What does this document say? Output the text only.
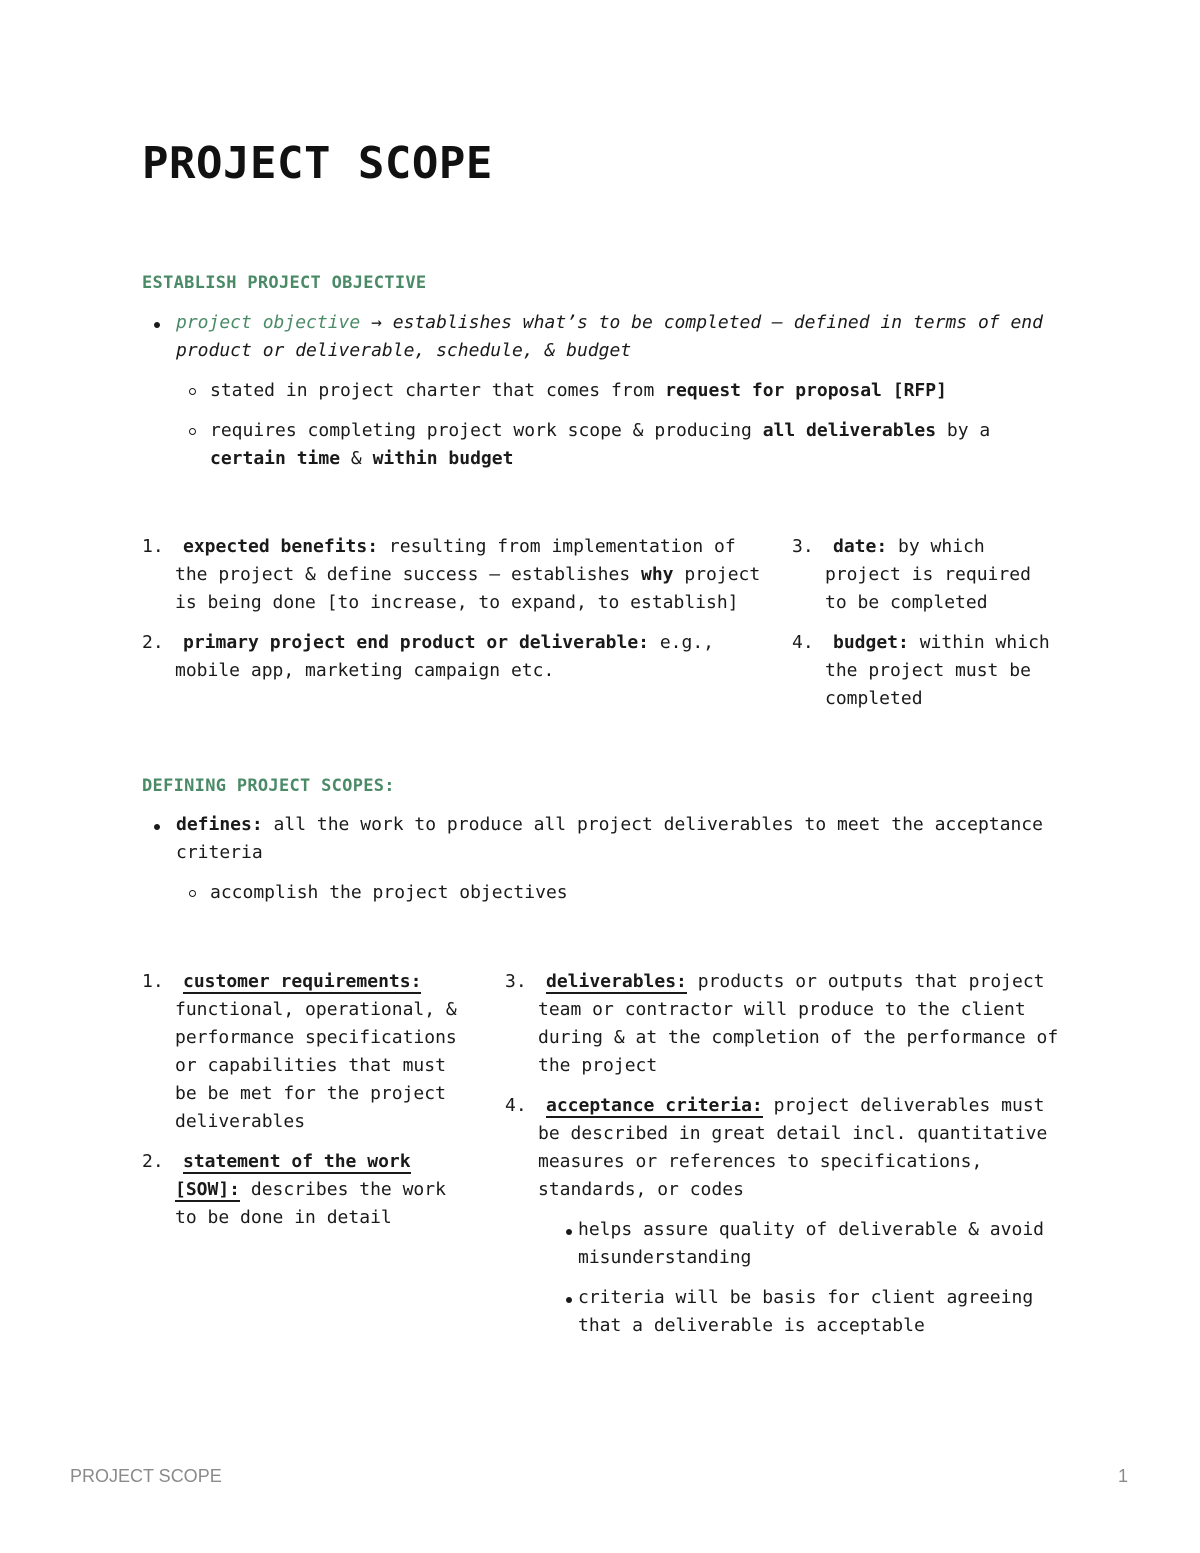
PROJECT SCOPE
ESTABLISH PROJECT OBJECTIVE
project objective → establishes what’s to be completed — defined in terms of end product or deliverable, schedule, & budget
stated in project charter that comes from request for proposal [RFP]
requires completing project work scope & producing all deliverables by a certain time & within budget
1.	expected benefits: resulting from implementation of the project & define success — establishes why project is being done [to increase, to expand, to establish]
2.	primary project end product or deliverable: e.g., mobile app, marketing campaign etc.
3.	date: by which project is required to be completed
4.	budget: within which the project must be completed
DEFINING PROJECT SCOPES:
defines: all the work to produce all project deliverables to meet the acceptance criteria
accomplish the project objectives
1.	customer requirements: functional, operational, & performance specifications or capabilities that must be be met for the project deliverables
2.	statement of the work [SOW]: describes the work to be done in detail
3.	deliverables: products or outputs that project team or contractor will produce to the client during & at the completion of the performance of the project
4.	acceptance criteria: project deliverables must be described in great detail incl. quantitative measures or references to specifications, standards, or codes
helps assure quality of deliverable & avoid misunderstanding
criteria will be basis for client agreeing that a deliverable is acceptable
PROJECT SCOPE	1
